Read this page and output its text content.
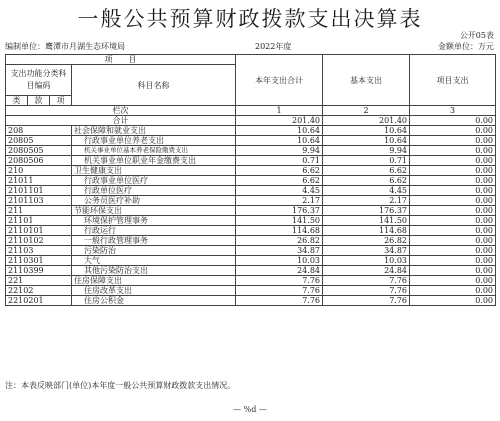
一般公共预算财政拨款支出决算表
公开05表
编制单位：鹰潭市月湖生态环境局	2022年度	金额单位：万元
项　　目				本年支出合计	基本支出	项目支出
支出功能分类科目编码			科目名称			
类	款	项				
栏次				1	2	3
合计				201.40	201.40	0.00
208			社会保障和就业支出	10.64	10.64	0.00
20805			行政事业单位养老支出	10.64	10.64	0.00
2080505			机关事业单位基本养老保险缴费支出	9.94	9.94	0.00
2080506			机关事业单位职业年金缴费支出	0.71	0.71	0.00
210			卫生健康支出	6.62	6.62	0.00
21011			行政事业单位医疗	6.62	6.62	0.00
2101101			行政单位医疗	4.45	4.45	0.00
2101103			公务员医疗补助	2.17	2.17	0.00
211			节能环保支出	176.37	176.37	0.00
21101			环境保护管理事务	141.50	141.50	0.00
2110101			行政运行	114.68	114.68	0.00
2110102			一般行政管理事务	26.82	26.82	0.00
21103			污染防治	34.87	34.87	0.00
2110301			大气	10.03	10.03	0.00
2110399			其他污染防治支出	24.84	24.84	0.00
221			住房保障支出	7.76	7.76	0.00
22102			住房改革支出	7.76	7.76	0.00
2210201			住房公积金	7.76	7.76	0.00
注：本表反映部门(单位)本年度一般公共预算财政拨款支出情况。
— %d —
